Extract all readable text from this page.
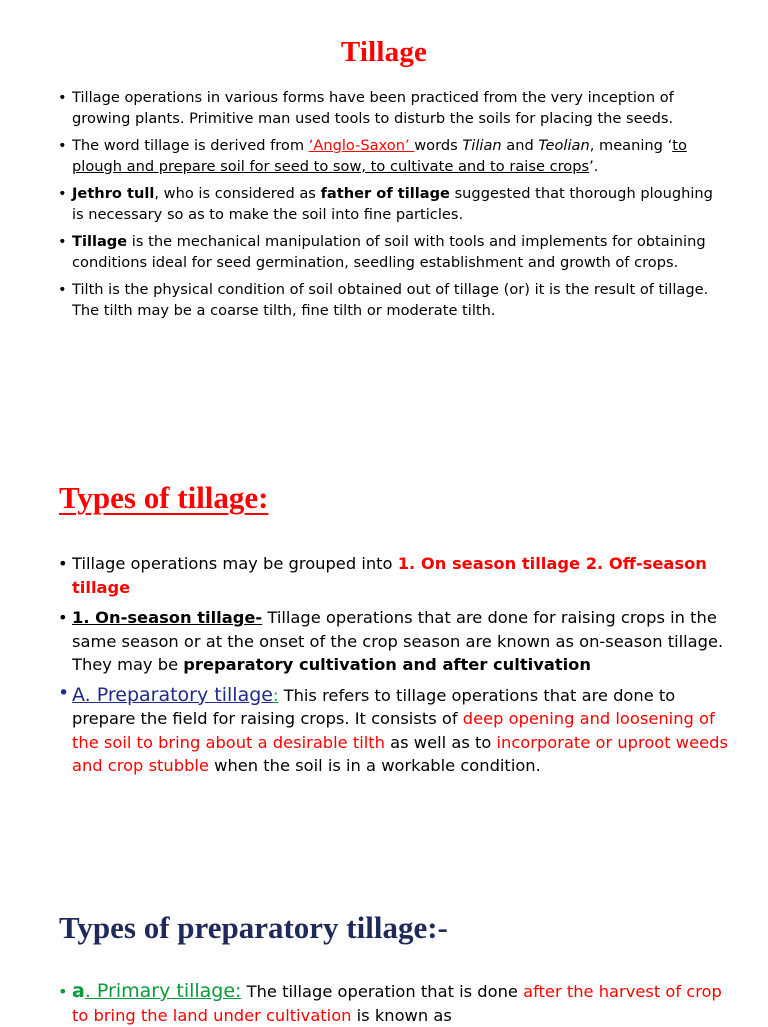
Tillage
• Tillage operations in various forms have been practiced from the very inception of growing plants. Primitive man used tools to disturb the soils for placing the seeds.
• The word tillage is derived from ‘Anglo-Saxon’ words Tilian and Teolian, meaning ‘to plough and prepare soil for seed to sow, to cultivate and to raise crops’.
• Jethro tull, who is considered as father of tillage suggested that thorough ploughing is necessary so as to make the soil into fine particles.
• Tillage is the mechanical manipulation of soil with tools and implements for obtaining conditions ideal for seed germination, seedling establishment and growth of crops.
• Tilth is the physical condition of soil obtained out of tillage (or) it is the result of tillage. The tilth may be a coarse tilth, fine tilth or moderate tilth.
Types of tillage:
• Tillage operations may be grouped into 1. On season tillage 2. Off-season tillage
• 1. On-season tillage- Tillage operations that are done for raising crops in the same season or at the onset of the crop season are known as on-season tillage. They may be preparatory cultivation and after cultivation
• A. Preparatory tillage: This refers to tillage operations that are done to prepare the field for raising crops. It consists of deep opening and loosening of the soil to bring about a desirable tilth as well as to incorporate or uproot weeds and crop stubble when the soil is in a workable condition.
Types of preparatory tillage:-
• a. Primary tillage: The tillage operation that is done after the harvest of crop to bring the land under cultivation is known as
